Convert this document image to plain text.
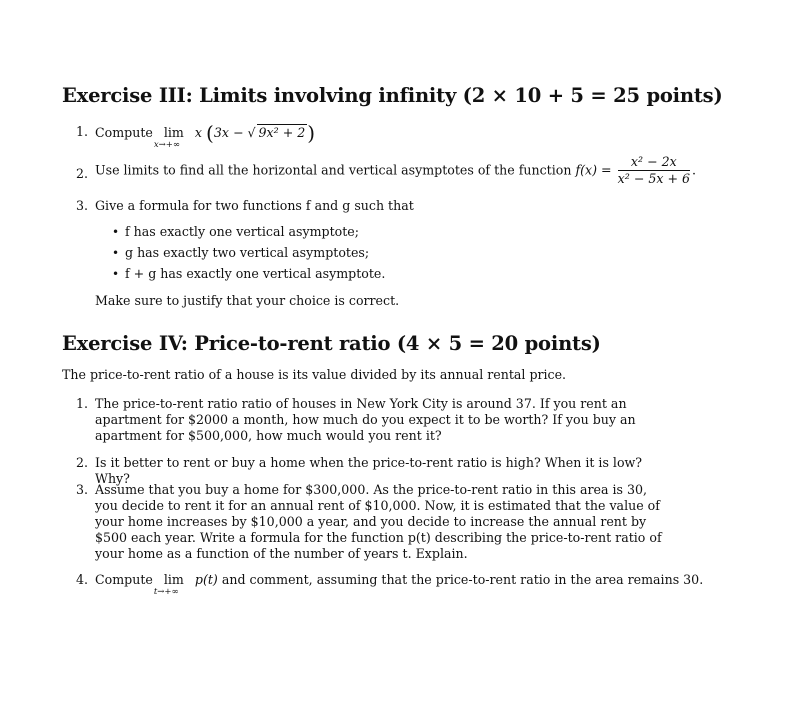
Exercise III: Limits involving infinity (2 × 10 + 5 = 25 points)
1. Compute lim
x→+∞
x (3x − √ 9x² + 2 )
2. Use limits to find all the horizontal and vertical asymptotes of the function $f(x) = \frac{\text{x² − 2x}}{\text{x² − 5x + 6}}$ .
3. Give a formula for two functions f and g such that
• f has exactly one vertical asymptote;
• g has exactly two vertical asymptotes;
• f + g has exactly one vertical asymptote.
Make sure to justify that your choice is correct.
Exercise IV: Price-to-rent ratio (4 × 5 = 20 points)
The price-to-rent ratio of a house is its value divided by its annual rental price.
1. The price-to-rent ratio ratio of houses in New York City is around 37. If you rent an apartment for $2000 a month, how much do you expect it to be worth? If you buy an apartment for $500,000, how much would you rent it?
2. Is it better to rent or buy a home when the price-to-rent ratio is high? When it is low? Why?
3. Assume that you buy a home for $300,000. As the price-to-rent ratio in this area is 30, you decide to rent it for an annual rent of $10,000. Now, it is estimated that the value of your home increases by $10,000 a year, and you decide to increase the annual rent by $500 each year. Write a formula for the function p(t) describing the price-to-rent ratio of your home as a function of the number of years t. Explain.
4. Compute lim
t→+∞
p(t) and comment, assuming that the price-to-rent ratio in the area remains 30.
